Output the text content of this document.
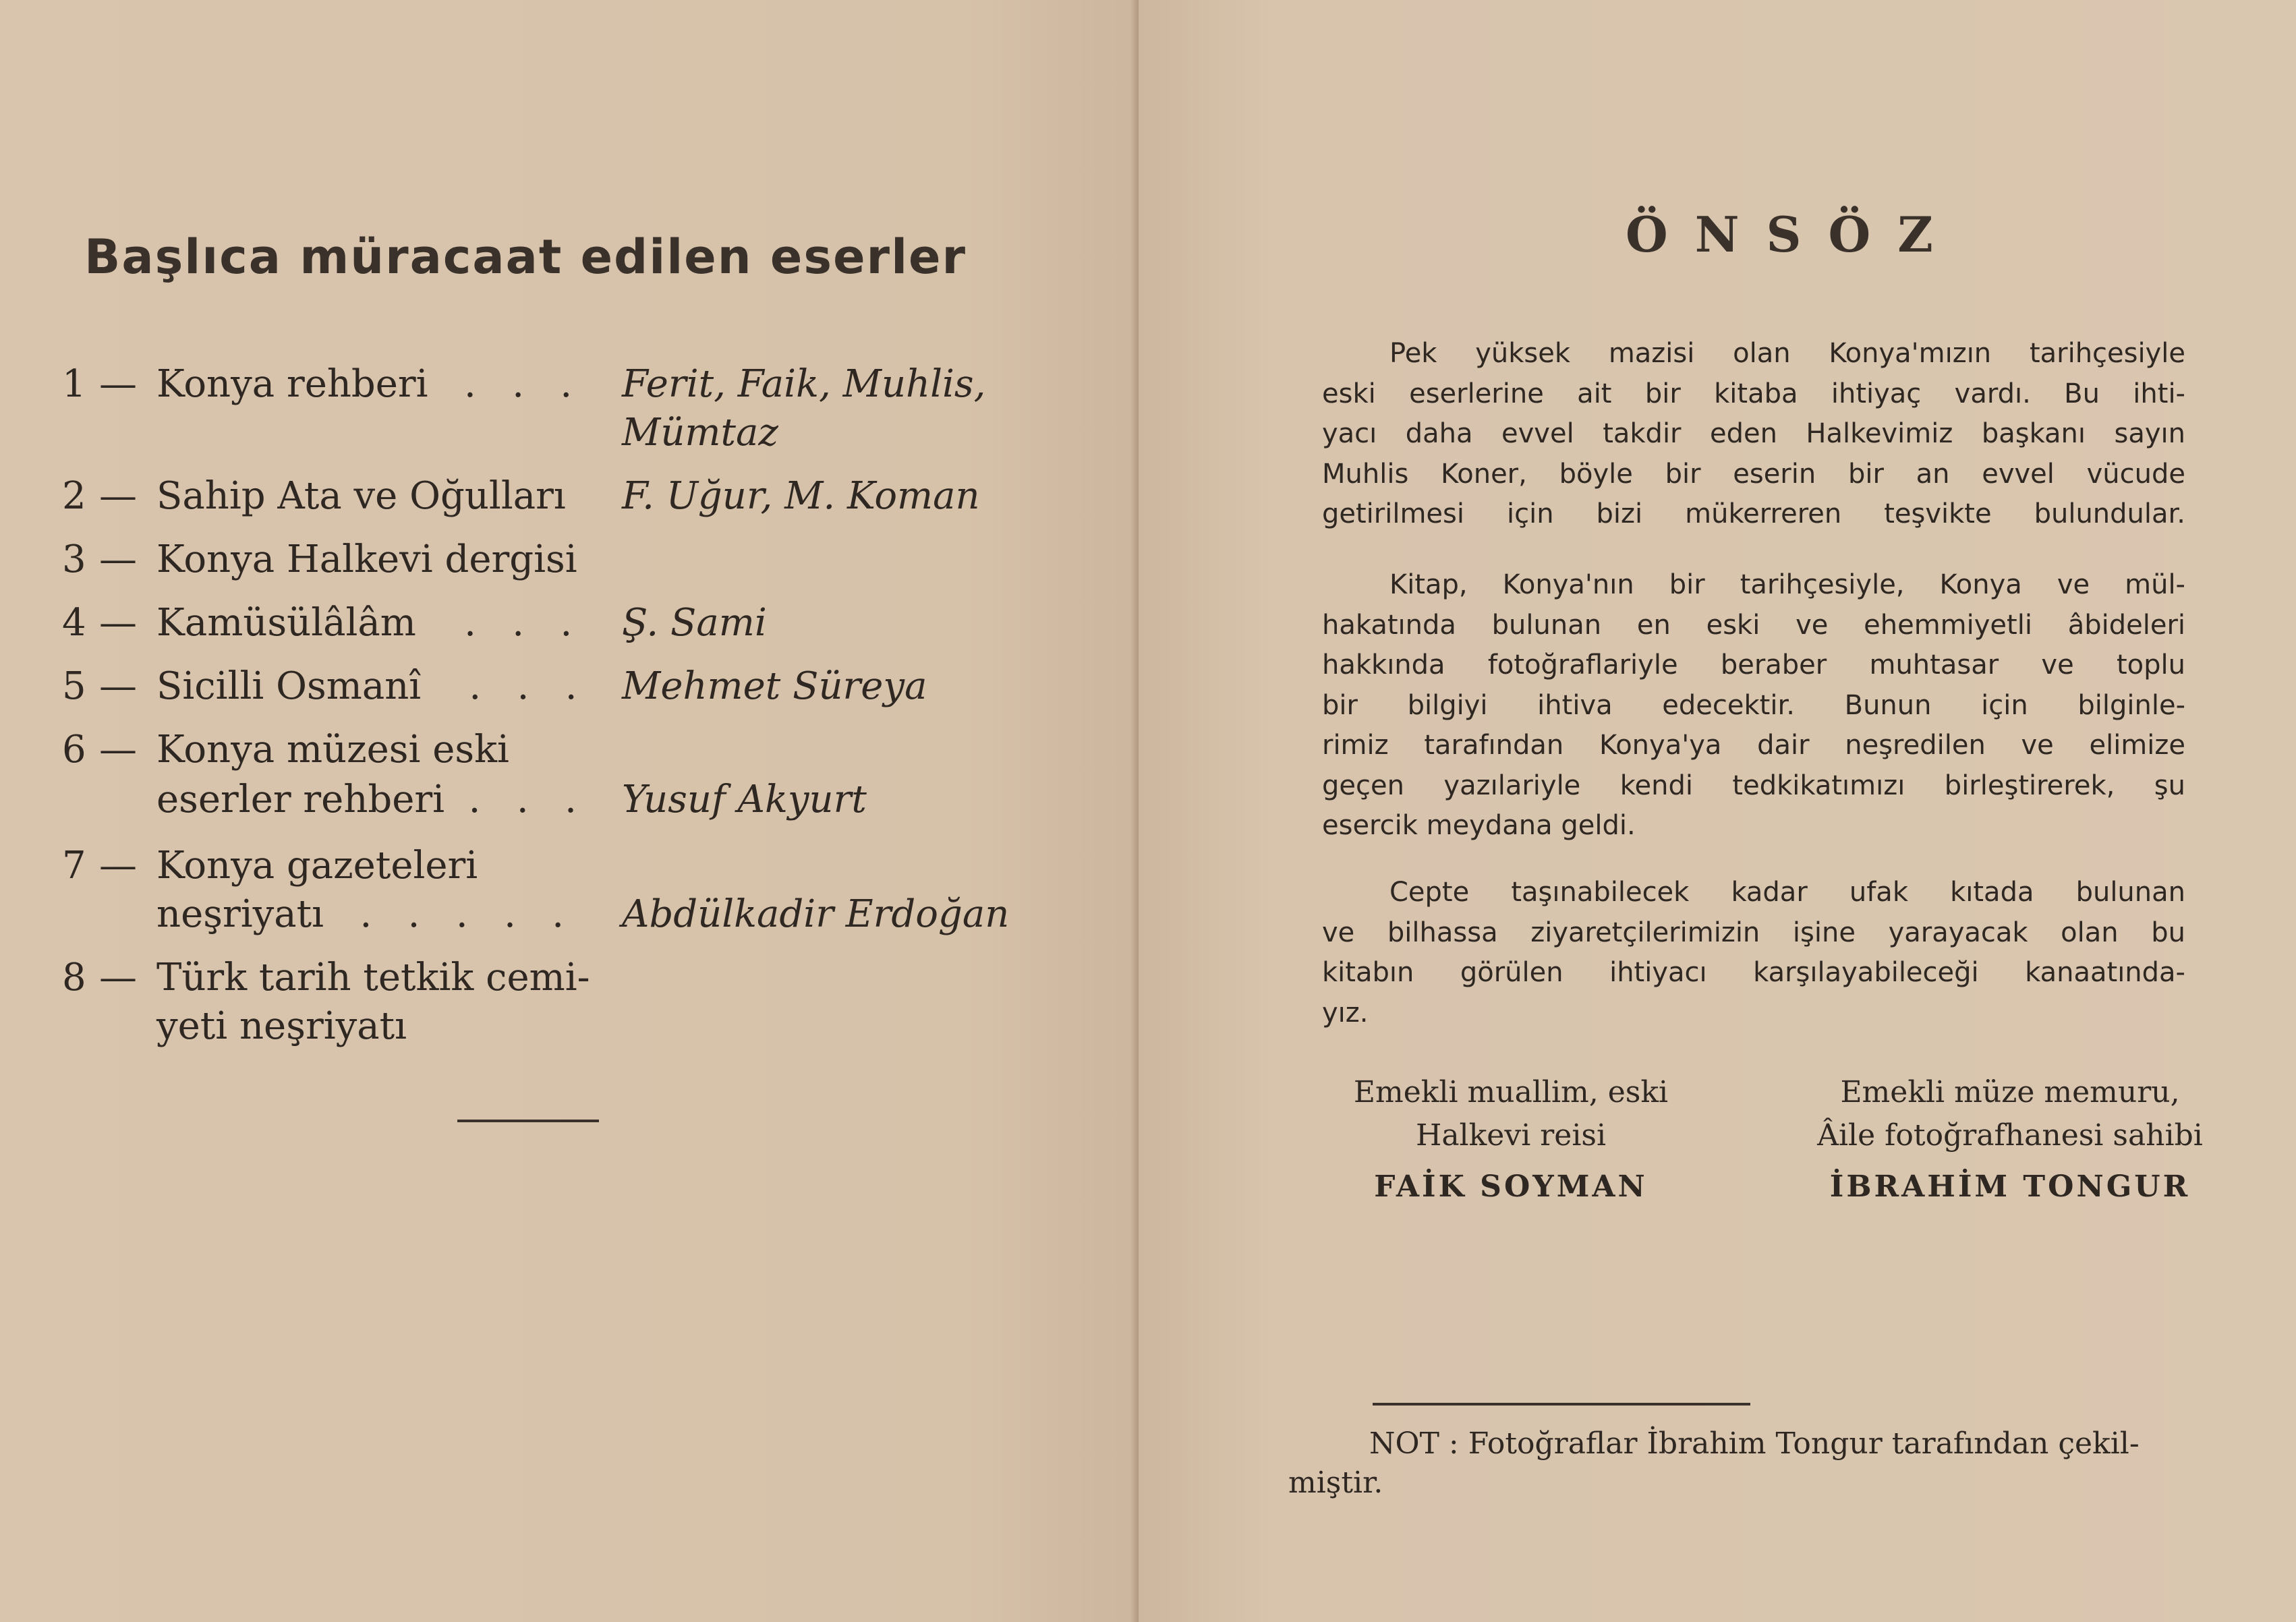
Başlıca müracaat edilen eserler
1 — Konya rehberi   .   .   . Ferit, Faik, Muhlis,
Mümtaz
2 — Sahip Ata ve Oğulları F. Uğur, M. Koman
3 — Konya Halkevi dergisi
4 — Kamüsülâlâm    .   .   . Ş. Sami
5 — Sicilli Osmanî    .   .   . Mehmet Süreya
6 — Konya müzesi eski
eserler rehberi  .   .   . Yusuf Akyurt
7 — Konya gazeteleri
neşriyatı   .   .   .   .   . Abdülkadir Erdoğan
8 — Türk tarih tetkik cemi-
yeti neşriyatı
ÖNSÖZ
Pek yüksek mazisi olan Konya'mızın tarihçesiyle
eski eserlerine ait bir kitaba ihtiyaç vardı. Bu ihti-
yacı daha evvel takdir eden Halkevimiz başkanı sayın
Muhlis Koner, böyle bir eserin bir an evvel vücude
getirilmesi için bizi mükerreren teşvikte bulundular.
Kitap, Konya'nın bir tarihçesiyle, Konya ve mül-
hakatında bulunan en eski ve ehemmiyetli âbideleri
hakkında fotoğraflariyle beraber muhtasar ve toplu
bir bilgiyi ihtiva edecektir. Bunun için bilginle-
rimiz tarafından Konya'ya dair neşredilen ve elimize
geçen yazılariyle kendi tedkikatımızı birleştirerek, şu
esercik meydana geldi.
Cepte taşınabilecek kadar ufak kıtada bulunan
ve bilhassa ziyaretçilerimizin işine yarayacak olan bu
kitabın görülen ihtiyacı karşılayabileceği kanaatında-
yız.
Emekli muallim, eski
Halkevi reisi
FAİK SOYMAN
Emekli müze memuru,
Âile fotoğrafhanesi sahibi
İBRAHİM TONGUR
NOT : Fotoğraflar İbrahim Tongur tarafından çekil-
miştir.
